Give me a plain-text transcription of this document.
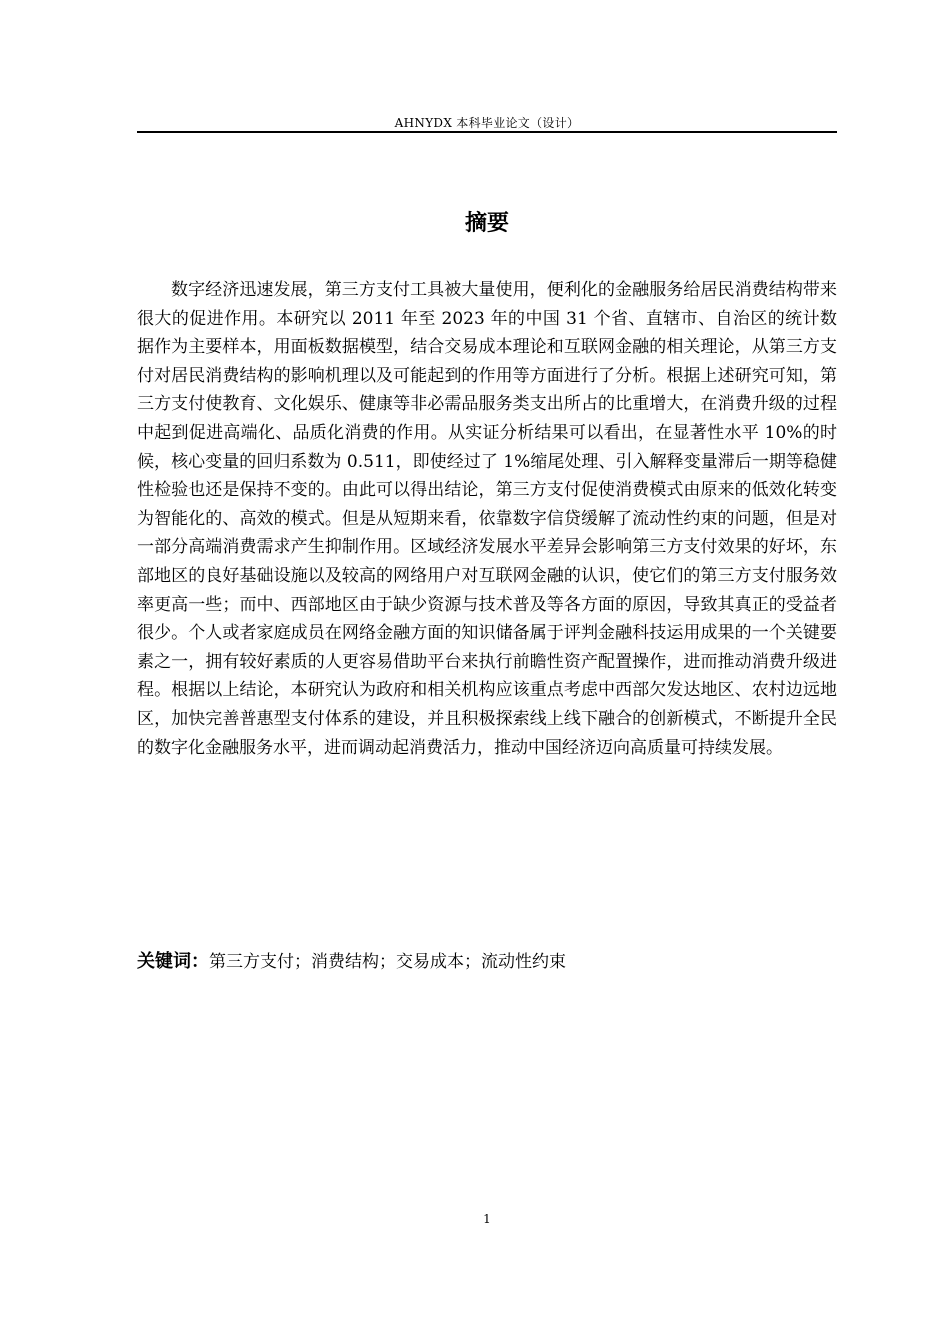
AHNYDX 本科毕业论文（设计）
摘要

数字经济迅速发展，第三方支付工具被大量使用，便利化的金融服务给居民消费结构带来很大的促进作用。本研究以 2011 年至 2023 年的中国 31 个省、直辖市、自治区的统计数据作为主要样本，用面板数据模型，结合交易成本理论和互联网金融的相关理论，从第三方支付对居民消费结构的影响机理以及可能起到的作用等方面进行了分析。根据上述研究可知，第三方支付使教育、文化娱乐、健康等非必需品服务类支出所占的比重增大，在消费升级的过程中起到促进高端化、品质化消费的作用。从实证分析结果可以看出，在显著性水平 10%的时候，核心变量的回归系数为 0.511，即使经过了 1%缩尾处理、引入解释变量滞后一期等稳健性检验也还是保持不变的。由此可以得出结论，第三方支付促使消费模式由原来的低效化转变为智能化的、高效的模式。但是从短期来看，依靠数字信贷缓解了流动性约束的问题，但是对一部分高端消费需求产生抑制作用。区域经济发展水平差异会影响第三方支付效果的好坏，东部地区的良好基础设施以及较高的网络用户对互联网金融的认识，使它们的第三方支付服务效率更高一些；而中、西部地区由于缺少资源与技术普及等各方面的原因，导致其真正的受益者很少。个人或者家庭成员在网络金融方面的知识储备属于评判金融科技运用成果的一个关键要素之一，拥有较好素质的人更容易借助平台来执行前瞻性资产配置操作，进而推动消费升级进程。根据以上结论，本研究认为政府和相关机构应该重点考虑中西部欠发达地区、农村边远地区，加快完善普惠型支付体系的建设，并且积极探索线上线下融合的创新模式，不断提升全民的数字化金融服务水平，进而调动起消费活力，推动中国经济迈向高质量可持续发展。

关键词：第三方支付；消费结构；交易成本；流动性约束

1
